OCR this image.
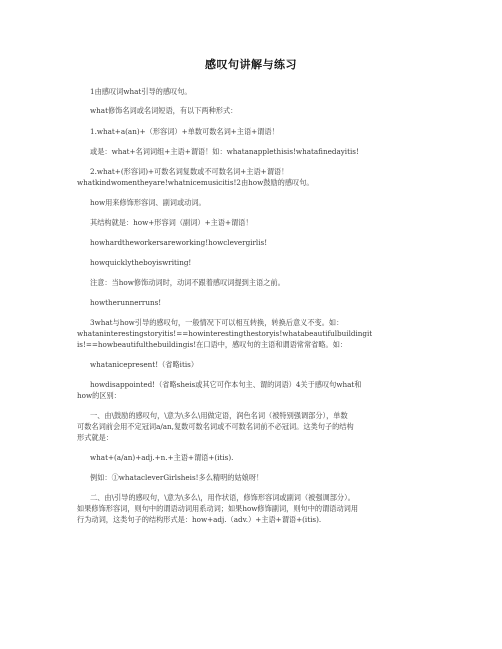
感叹句讲解与练习
1由感叹词what引导的感叹句。
what修饰名词或名词短语，有以下两种形式：
1.what+a(an)+（形容词）+单数可数名词+主语+谓语！
或是：what+名词词组+主语+谓语！如：whatanapplethisis!whatafinedayitis!
2.what+(形容词)+可数名词复数或不可数名词+主语+谓语！
whatkindwomentheyare!whatnicemusicitis!2由how鼓励的感叹句。
how用来修饰形容词、副词或动词。
其结构就是：how+形容词（副词）+主语+谓语！
howhardtheworkersareworking!howclevergirlis!
howquicklytheboyiswriting!
注意：当how修饰动词时，动词不跟着感叹词提到主语之前。
howtherunnerruns!
3what与how引导的感叹句，一般情况下可以相互转换，转换后意义不变。如：
whataninterestingstoryitis!==howinterestingthestoryis!whatabeautifulbuildingit
is!==howbeautifulthebuildingis!在口语中，感叹句的主语和谓语常常省略。如：
whatanicepresent!（省略itis）
howdisappointed!（省略sheis或其它可作本句主、谓的词语）4关于感叹句what和
how的区别：
一、由\鼓励的感叹句，\意为\多么\用做定语，润色名词（被特别强调部分），单数
可数名词前会用不定冠词a/an,复数可数名词或不可数名词前不必冠词。这类句子的结构
形式就是：
what+(a/an)+adj.+n.+主语+谓语+(itis).
例如：①whatacleverGirlsheis!多么精明的姑娘呀！
二、由\引导的感叹句，\意为\多么\，用作状语，修饰形容词或副词（被强调部分）。
如果修饰形容词，则句中的谓语动词用系动词；如果how修饰副词，则句中的谓语动词用
行为动词，这类句子的结构形式是：how+adj.（adv.）+主语+谓语+(itis).
